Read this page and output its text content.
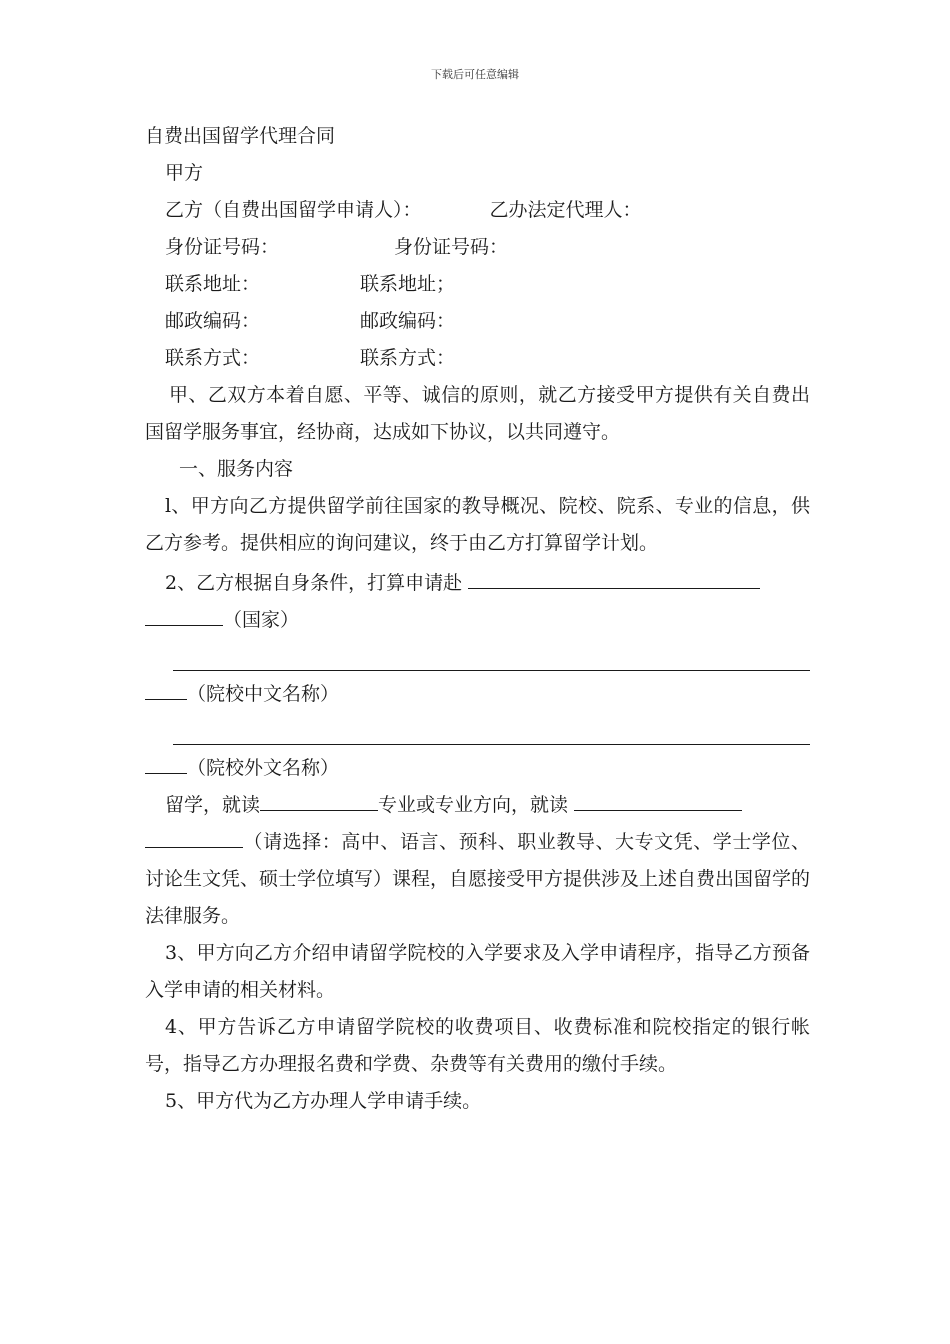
下载后可任意编辑
自费出国留学代理合同
甲方
乙方（自费出国留学申请人）：	乙办法定代理人：
身份证号码：	身份证号码：
联系地址：	联系地址；
邮政编码：	邮政编码：
联系方式：	联系方式：
甲、乙双方本着自愿、平等、诚信的原则，就乙方接受甲方提供有关自费出国留学服务事宜，经协商，达成如下协议，以共同遵守。
一、服务内容
l、甲方向乙方提供留学前往国家的教导概况、院校、院系、专业的信息，供乙方参考。提供相应的询问建议，终于由乙方打算留学计划。
2、乙方根据自身条件，打算申请赴
（国家）
（院校中文名称）
（院校外文名称）
留学，就读	专业或专业方向，就读
（请选择：高中、语言、预科、职业教导、大专文凭、学士学位、讨论生文凭、硕士学位填写）课程，自愿接受甲方提供涉及上述自费出国留学的法律服务。
3、甲方向乙方介绍申请留学院校的入学要求及入学申请程序，指导乙方预备入学申请的相关材料。
4、甲方告诉乙方申请留学院校的收费项目、收费标准和院校指定的银行帐号，指导乙方办理报名费和学费、杂费等有关费用的缴付手续。
5、甲方代为乙方办理人学申请手续。
